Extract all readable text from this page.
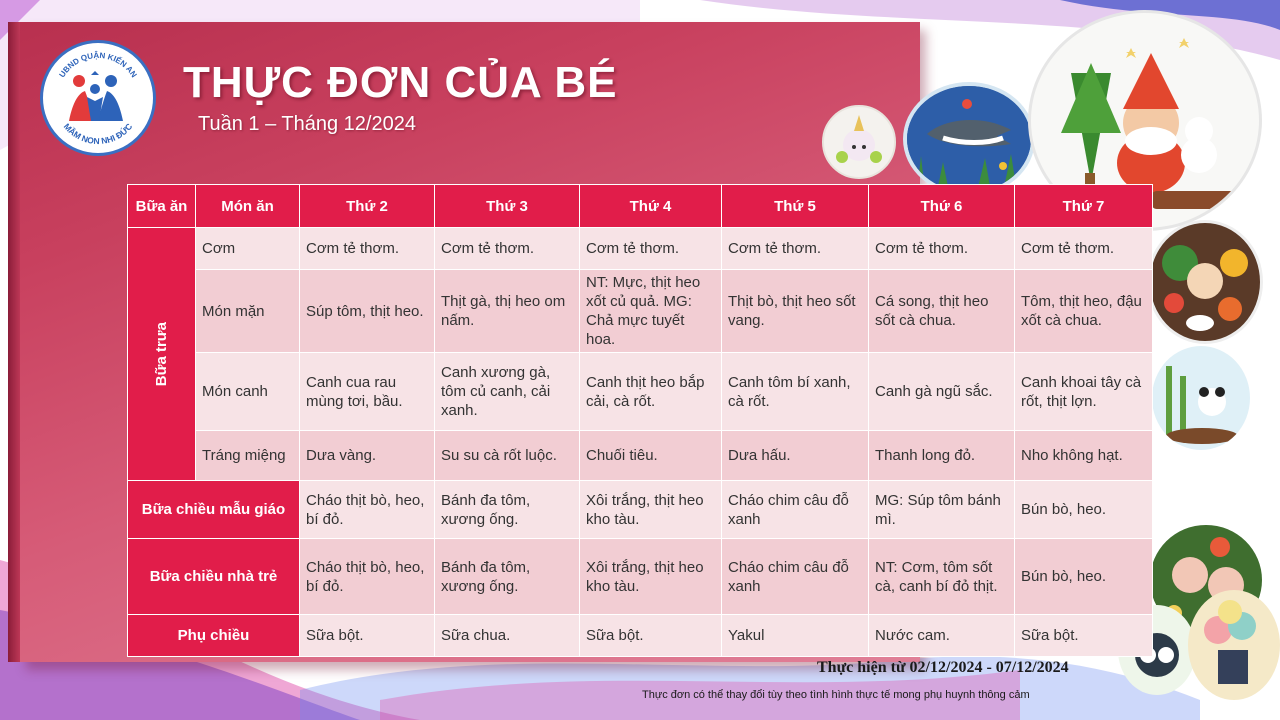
UBND QUẬN KIẾN AN
MẦM NON NHI ĐỨC
THỰC ĐƠN CỦA BÉ
Tuần 1 – Tháng 12/2024
Bữa ăn	Món ăn	Thứ 2	Thứ 3	Thứ 4	Thứ 5	Thứ 6	Thứ 7

Bữa trưa	Cơm	Cơm tẻ thơm.	Cơm tẻ thơm.	Cơm tẻ thơm.	Cơm tẻ thơm.	Cơm tẻ thơm.	Cơm tẻ thơm.
	Món mặn	Súp tôm, thịt heo.	Thịt gà, thị heo om nấm.	NT: Mực, thịt heo xốt củ quả. MG: Chả mực tuyết hoa.	Thịt bò, thịt heo sốt vang.	Cá song, thịt heo sốt cà chua.	Tôm, thịt heo, đậu xốt cà chua.
	Món canh	Canh cua rau mùng tơi, bầu.	Canh xương gà, tôm củ canh, cải xanh.	Canh thịt heo bắp cải, cà rốt.	Canh tôm bí xanh, cà rốt.	Canh gà ngũ sắc.	Canh khoai tây cà rốt, thịt lợn.
	Tráng miệng	Dưa vàng.	Su su cà rốt luộc.	Chuối tiêu.	Dưa hấu.	Thanh long đỏ.	Nho không hạt.
Bữa chiều mẫu giáo		Cháo thịt bò, heo, bí đỏ.	Bánh đa tôm, xương ống.	Xôi trắng, thịt heo kho tàu.	Cháo chim câu đỗ xanh	MG: Súp tôm bánh mì.	Bún bò, heo.
Bữa chiều nhà trẻ		Cháo thịt bò, heo, bí đỏ.	Bánh đa tôm, xương ống.	Xôi trắng, thịt heo kho tàu.	Cháo chim câu đỗ xanh	NT: Cơm, tôm sốt cà, canh bí đỏ thịt.	Bún bò, heo.
Phụ chiều		Sữa bột.	Sữa chua.	Sữa bột.	Yakul	Nước cam.	Sữa bột.
Thực hiện từ 02/12/2024 - 07/12/2024
Thực đơn có thể thay đổi tùy theo tình hình thực tế mong phụ huynh thông cảm
